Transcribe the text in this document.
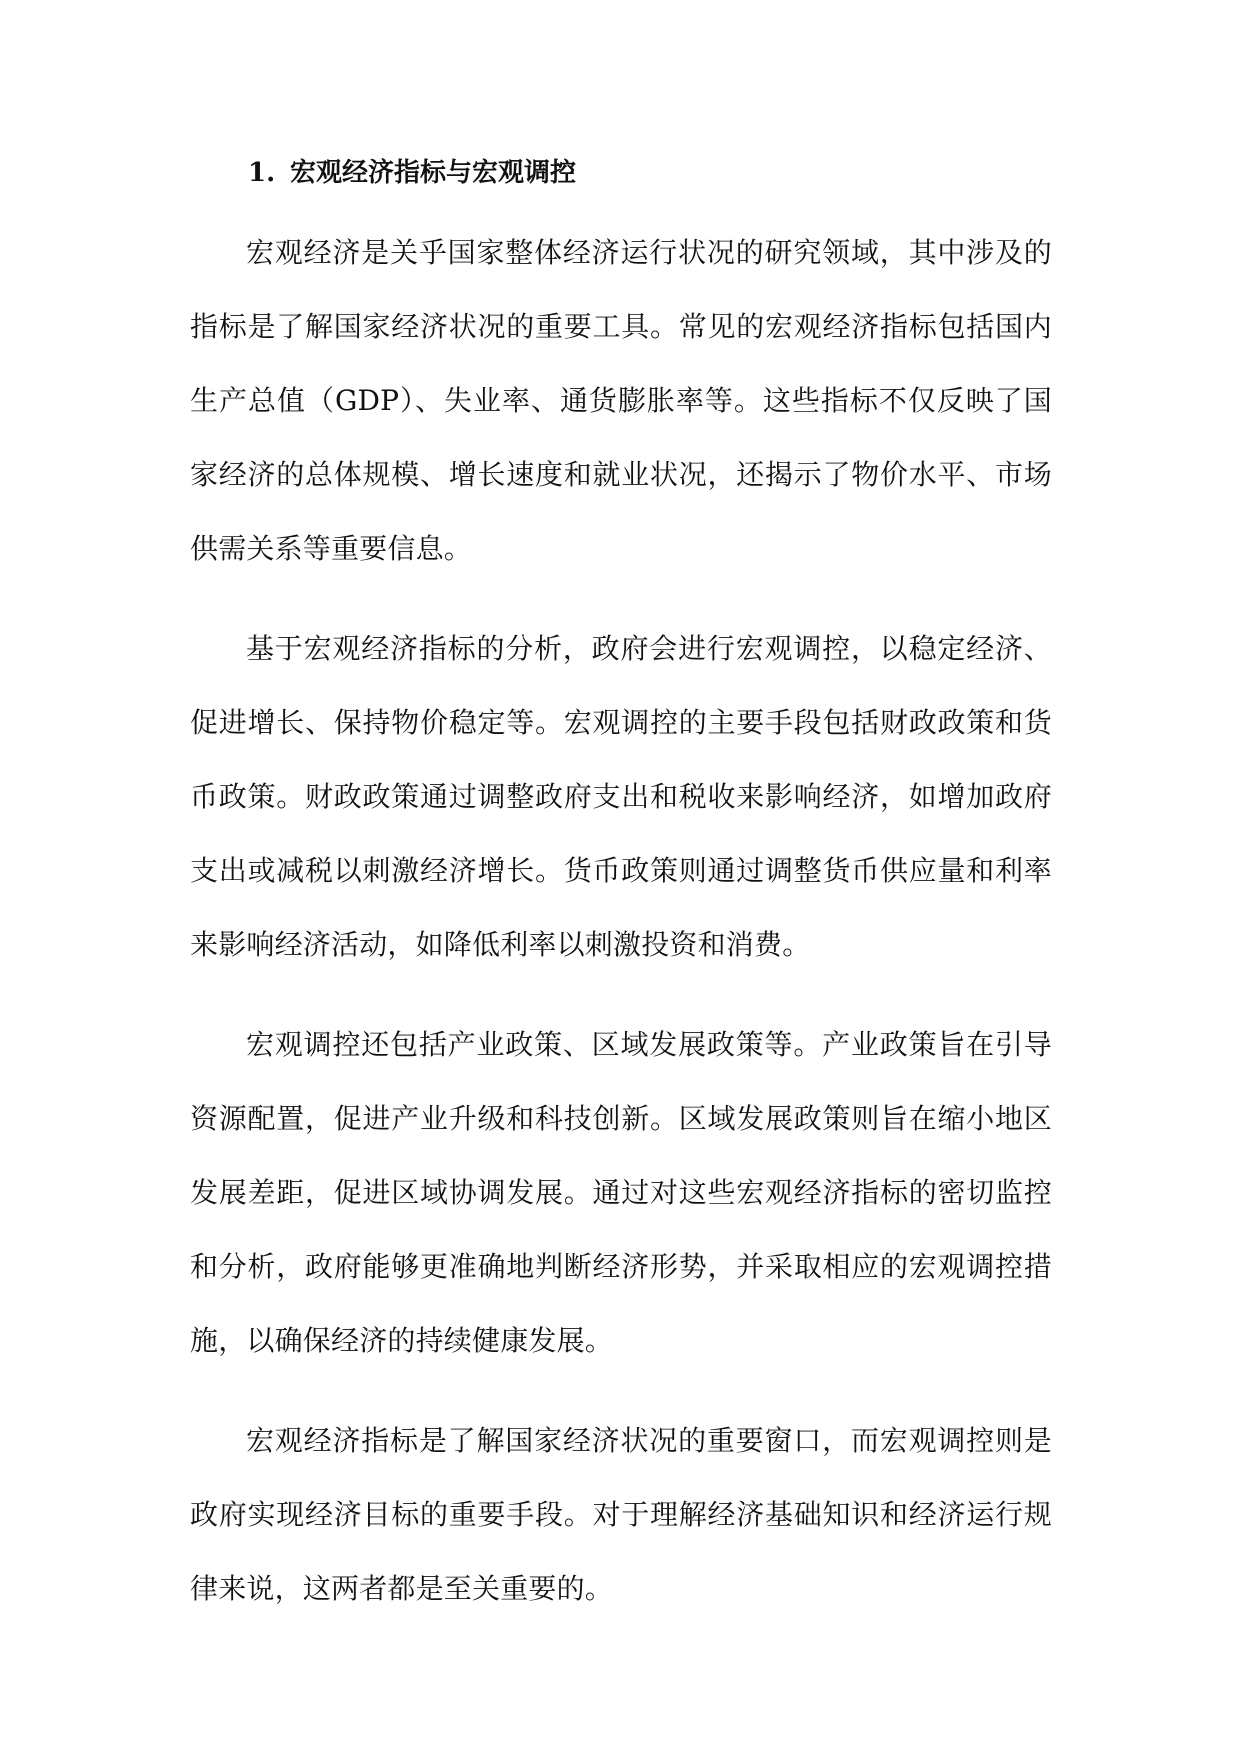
1. 宏观经济指标与宏观调控

宏观经济是关乎国家整体经济运行状况的研究领域，其中涉及的指标是了解国家经济状况的重要工具。常见的宏观经济指标包括国内生产总值（GDP）、失业率、通货膨胀率等。这些指标不仅反映了国家经济的总体规模、增长速度和就业状况，还揭示了物价水平、市场供需关系等重要信息。

基于宏观经济指标的分析，政府会进行宏观调控，以稳定经济、促进增长、保持物价稳定等。宏观调控的主要手段包括财政政策和货币政策。财政政策通过调整政府支出和税收来影响经济，如增加政府支出或减税以刺激经济增长。货币政策则通过调整货币供应量和利率来影响经济活动，如降低利率以刺激投资和消费。

宏观调控还包括产业政策、区域发展政策等。产业政策旨在引导资源配置，促进产业升级和科技创新。区域发展政策则旨在缩小地区发展差距，促进区域协调发展。通过对这些宏观经济指标的密切监控和分析，政府能够更准确地判断经济形势，并采取相应的宏观调控措施，以确保经济的持续健康发展。

宏观经济指标是了解国家经济状况的重要窗口，而宏观调控则是政府实现经济目标的重要手段。对于理解经济基础知识和经济运行规律来说，这两者都是至关重要的。
